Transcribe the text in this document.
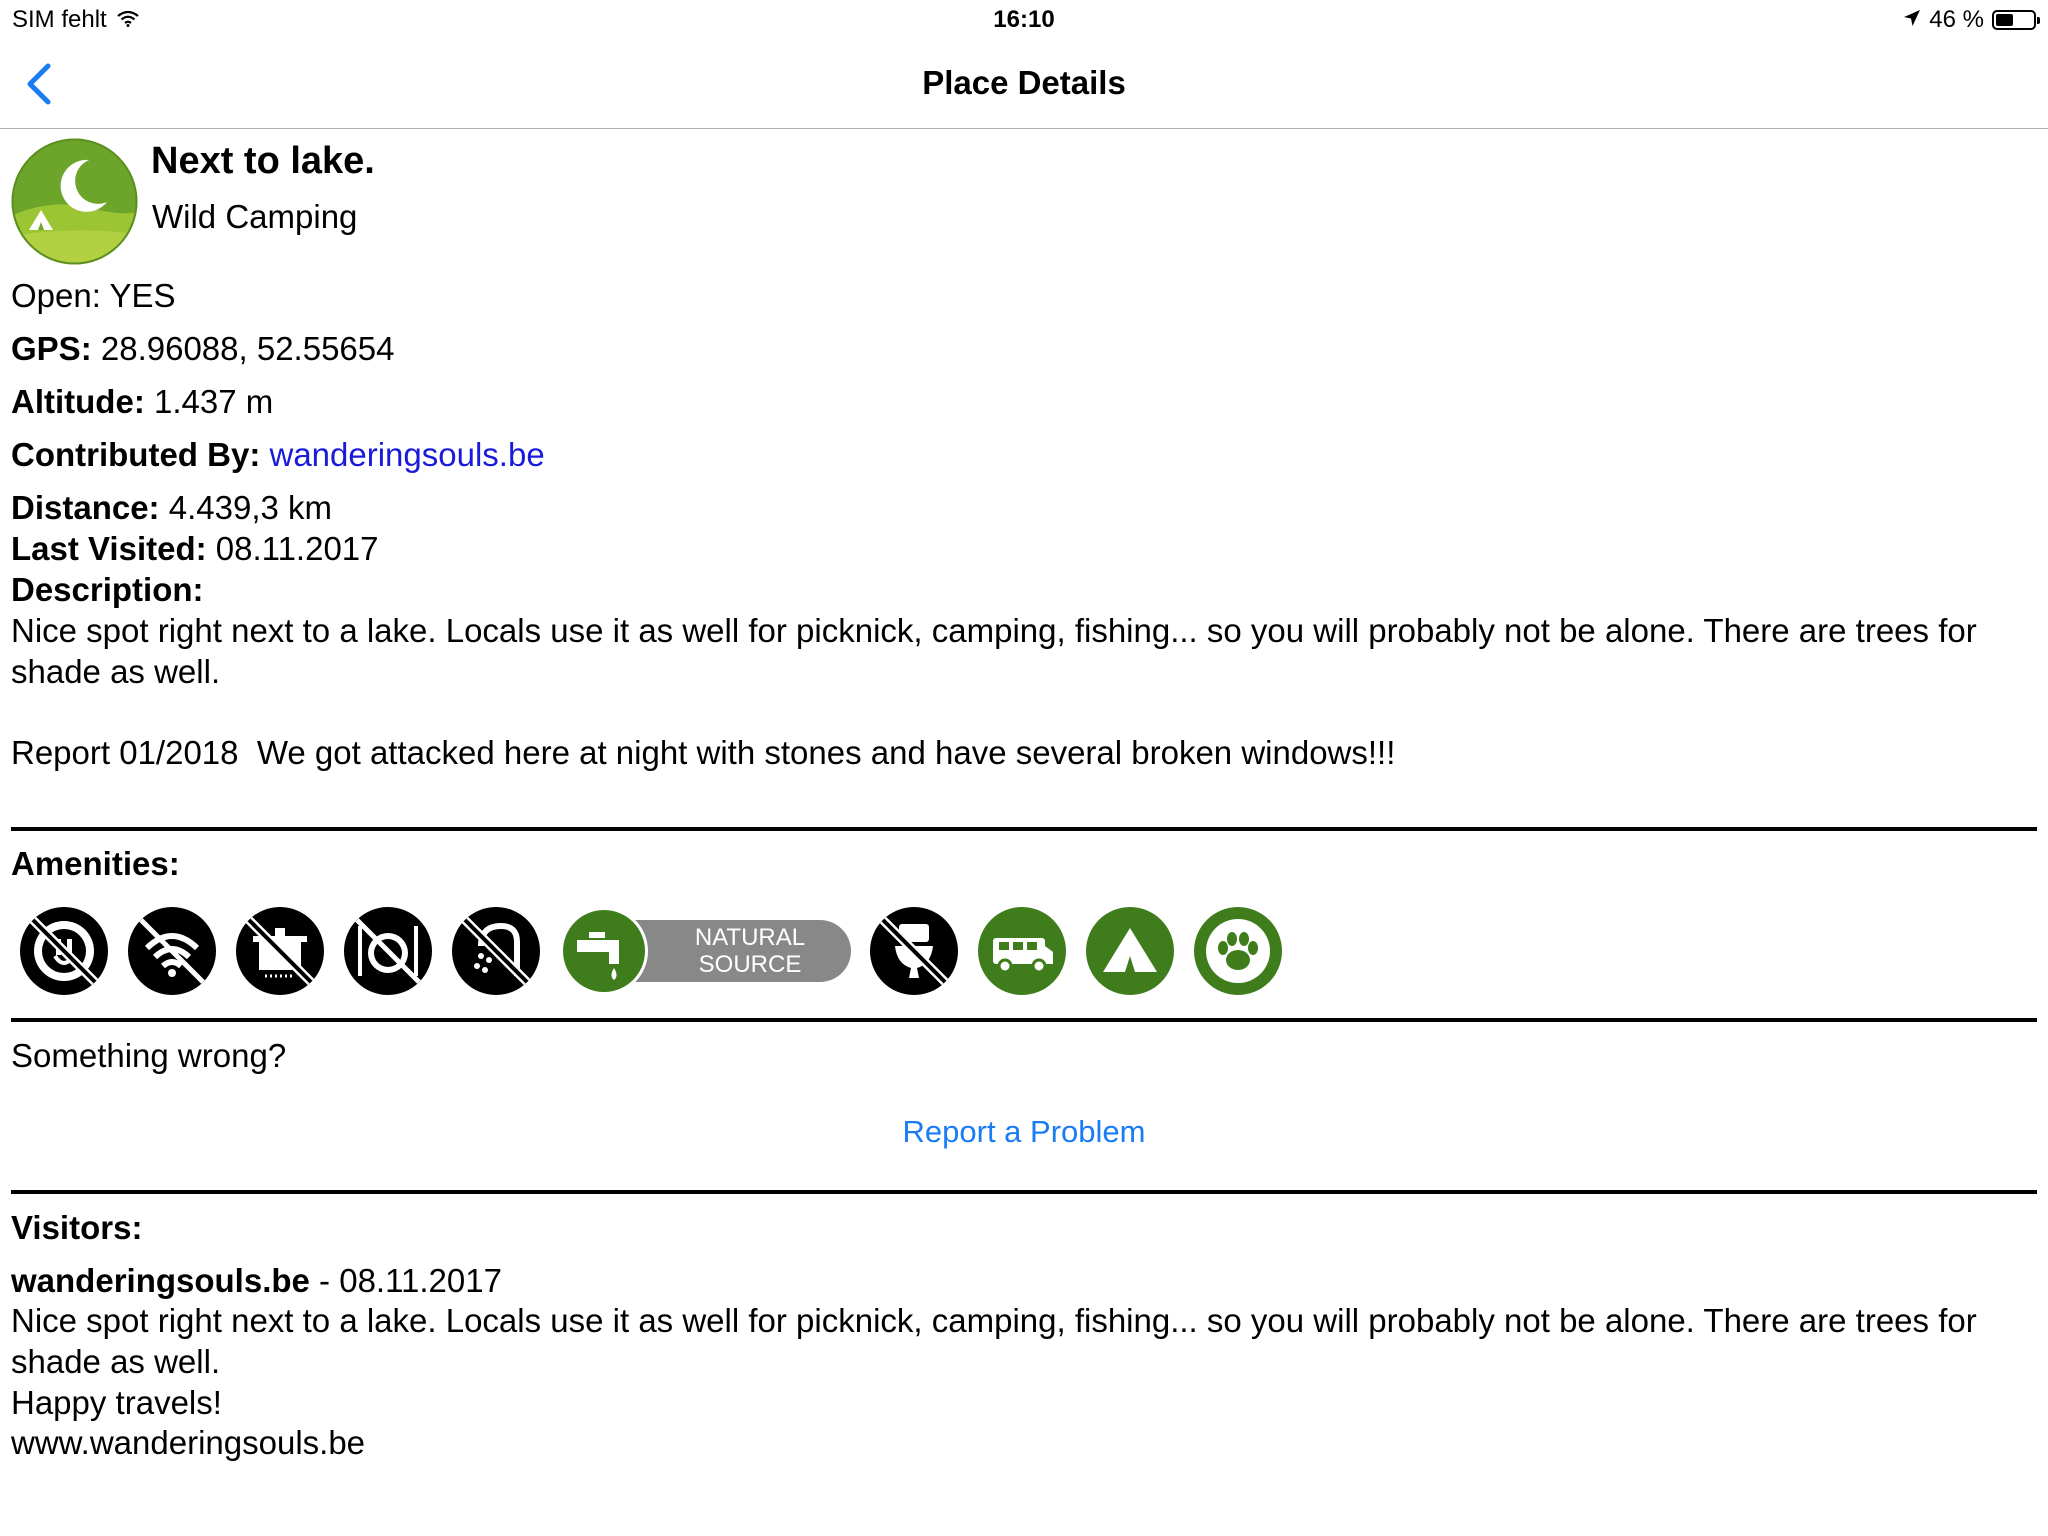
SIM fehlt	16:10	46 %
Place Details
Next to lake.
Wild Camping
Open: YES
GPS: 28.96088, 52.55654
Altitude: 1.437 m
Contributed By: wanderingsouls.be
Distance: 4.439,3 km
Last Visited: 08.11.2017
Description:
Nice spot right next to a lake. Locals use it as well for picknick, camping, fishing... so you will probably not be alone. There are trees for shade as well.
Report 01/2018  We got attacked here at night with stones and have several broken windows!!!
Amenities:
NATURAL
SOURCE
Something wrong?
Report a Problem
Visitors:
wanderingsouls.be - 08.11.2017
Nice spot right next to a lake. Locals use it as well for picknick, camping, fishing... so you will probably not be alone. There are trees for shade as well.
Happy travels!
www.wanderingsouls.be
